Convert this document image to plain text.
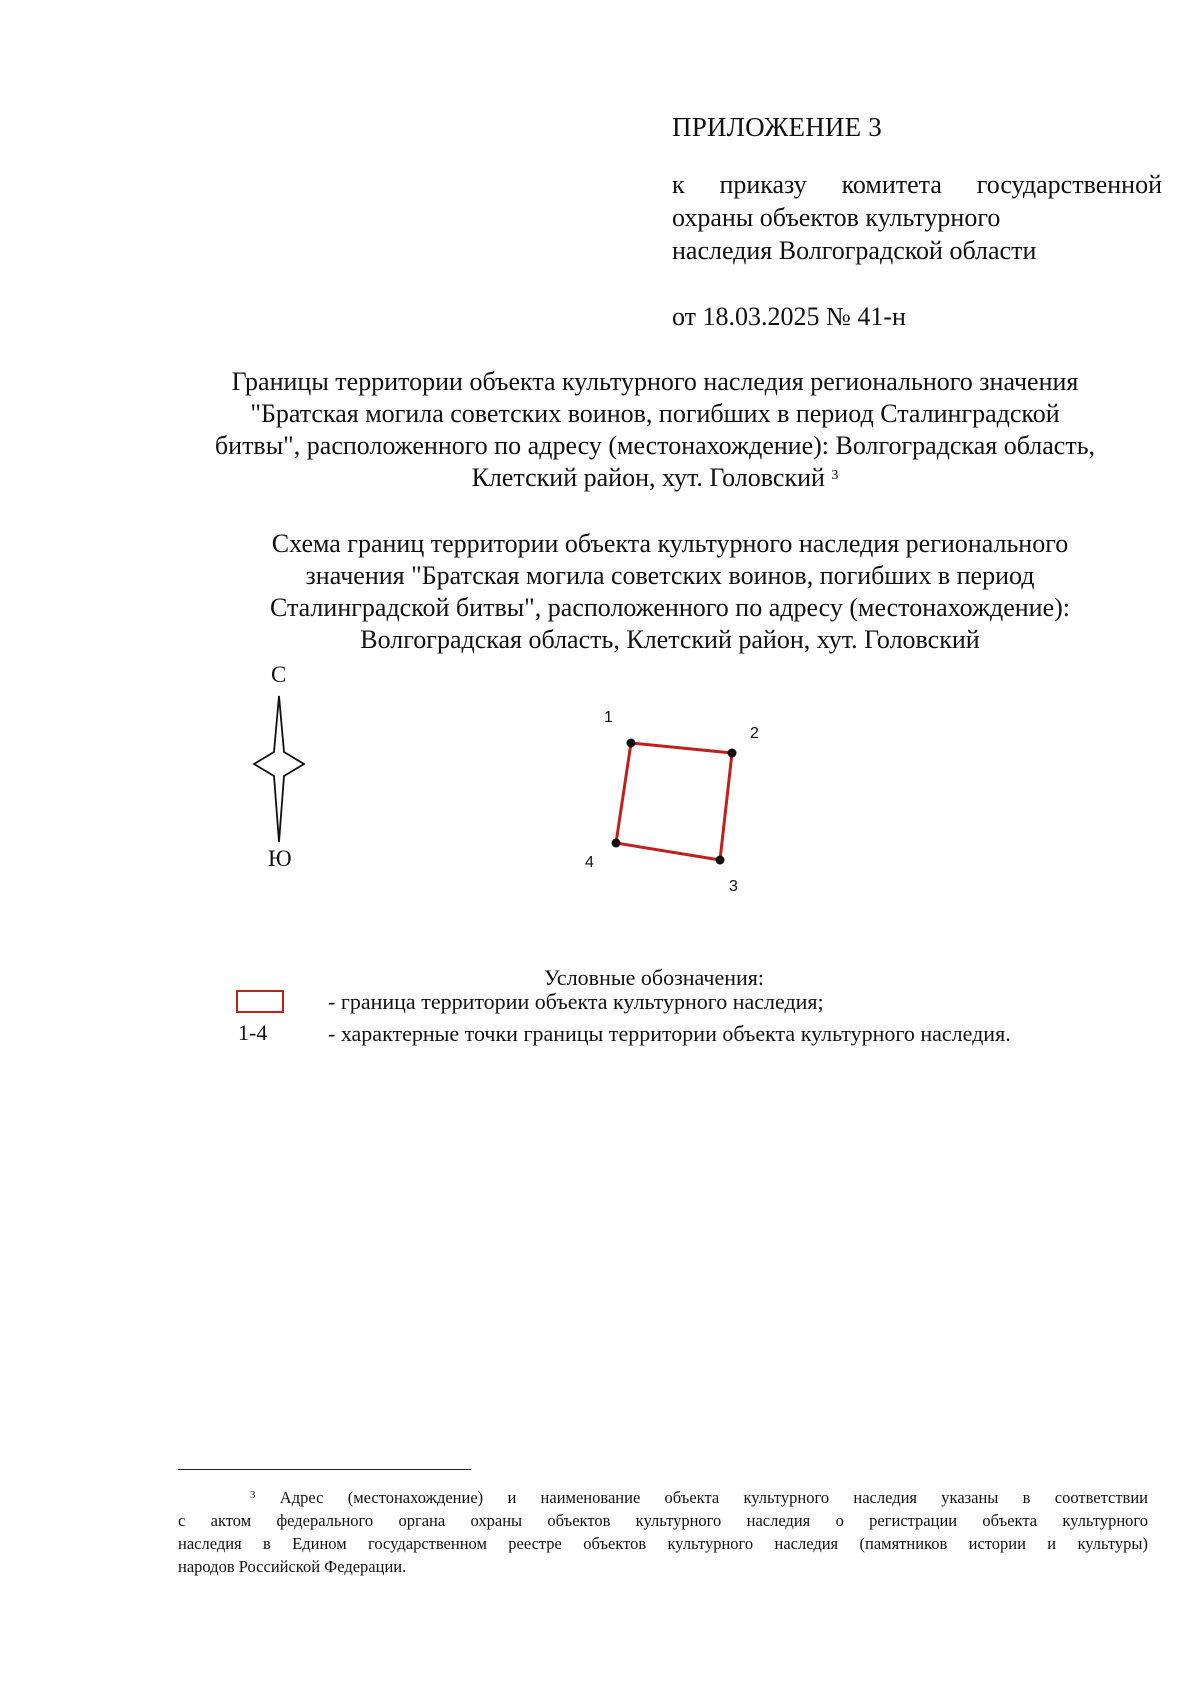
ПРИЛОЖЕНИЕ 3
к приказу комитета государственной
охраны объектов культурного
наследия Волгоградской области
от 18.03.2025 № 41-н
Границы территории объекта культурного наследия регионального значения
"Братская могила советских воинов, погибших в период Сталинградской
битвы", расположенного по адресу (местонахождение): Волгоградская область,
Клетский район, хут. Головский $^3$
Схема границ территории объекта культурного наследия регионального
значения "Братская могила советских воинов, погибших в период
Сталинградской битвы", расположенного по адресу (местонахождение):
Волгоградская область, Клетский район, хут. Головский
С
Ю
1
2
3
4
Условные обозначения:
- граница территории объекта культурного наследия;
1-4	- характерные точки границы территории объекта культурного наследия.
$^3$ Адрес (местонахождение) и наименование объекта культурного наследия указаны в соответствии
с актом федерального органа охраны объектов культурного наследия о регистрации объекта культурного
наследия в Едином государственном реестре объектов культурного наследия (памятников истории и культуры)
народов Российской Федерации.
